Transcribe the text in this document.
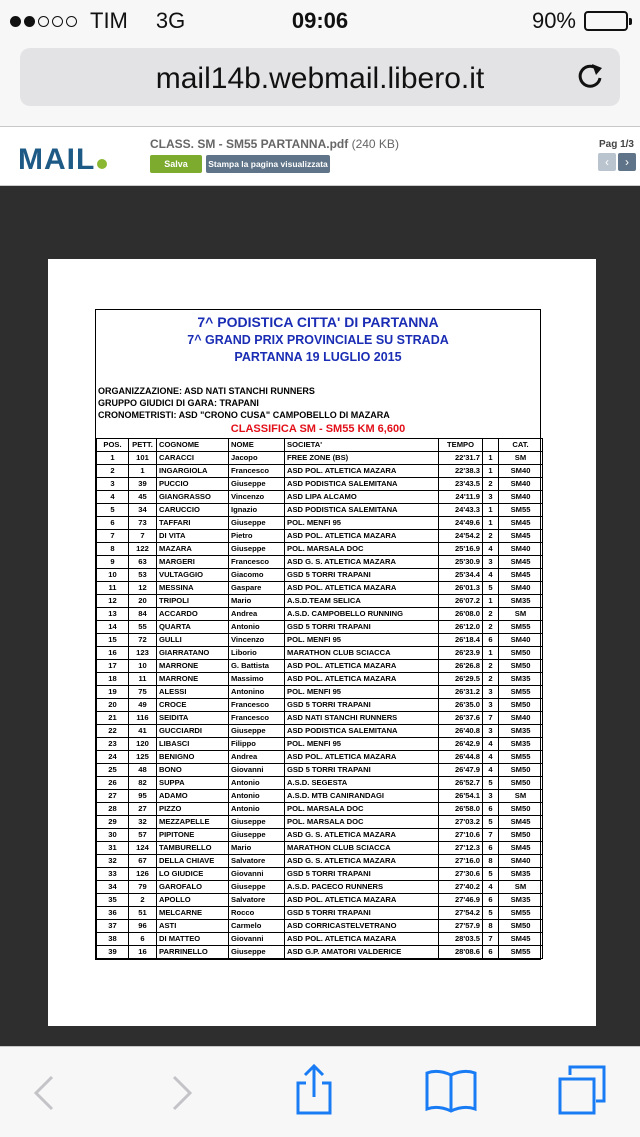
TIM 3G	09:06	90%
mail14b.webmail.libero.it
MAIL	CLASS. SM - SM55 PARTANNA.pdf (240 KB)
Salva	Stampa la pagina visualizzata
Pag 1/3
‹	›
7^ PODISTICA CITTA' DI PARTANNA
7^ GRAND PRIX PROVINCIALE SU STRADA
PARTANNA 19 LUGLIO 2015
ORGANIZZAZIONE: ASD NATI STANCHI RUNNERS
GRUPPO GIUDICI DI GARA: TRAPANI
CRONOMETRISTI: ASD "CRONO CUSA" CAMPOBELLO DI MAZARA
CLASSIFICA SM - SM55 KM 6,600
POS.	PETT.	COGNOME	NOME	SOCIETA'	TEMPO		CAT.
1	101	CARACCI	Jacopo	FREE ZONE (BS)	22'31.7	1	SM
2	1	INGARGIOLA	Francesco	ASD POL. ATLETICA MAZARA	22'38.3	1	SM40
3	39	PUCCIO	Giuseppe	ASD PODISTICA SALEMITANA	23'43.5	2	SM40
4	45	GIANGRASSO	Vincenzo	ASD LIPA ALCAMO	24'11.9	3	SM40
5	34	CARUCCIO	Ignazio	ASD PODISTICA SALEMITANA	24'43.3	1	SM55
6	73	TAFFARI	Giuseppe	POL. MENFI 95	24'49.6	1	SM45
7	7	DI VITA	Pietro	ASD POL. ATLETICA MAZARA	24'54.2	2	SM45
8	122	MAZARA	Giuseppe	POL. MARSALA DOC	25'16.9	4	SM40
9	63	MARGERI	Francesco	ASD G. S. ATLETICA MAZARA	25'30.9	3	SM45
10	53	VULTAGGIO	Giacomo	GSD 5 TORRI TRAPANI	25'34.4	4	SM45
11	12	MESSINA	Gaspare	ASD POL. ATLETICA MAZARA	26'01.3	5	SM40
12	20	TRIPOLI	Mario	A.S.D.TEAM SELICA	26'07.2	1	SM35
13	84	ACCARDO	Andrea	A.S.D. CAMPOBELLO RUNNING	26'08.0	2	SM
14	55	QUARTA	Antonio	GSD 5 TORRI TRAPANI	26'12.0	2	SM55
15	72	GULLI	Vincenzo	POL. MENFI 95	26'18.4	6	SM40
16	123	GIARRATANO	Liborio	MARATHON CLUB SCIACCA	26'23.9	1	SM50
17	10	MARRONE	G. Battista	ASD POL. ATLETICA MAZARA	26'26.8	2	SM50
18	11	MARRONE	Massimo	ASD POL. ATLETICA MAZARA	26'29.5	2	SM35
19	75	ALESSI	Antonino	POL. MENFI 95	26'31.2	3	SM55
20	49	CROCE	Francesco	GSD 5 TORRI TRAPANI	26'35.0	3	SM50
21	116	SEIDITA	Francesco	ASD NATI STANCHI RUNNERS	26'37.6	7	SM40
22	41	GUCCIARDI	Giuseppe	ASD PODISTICA SALEMITANA	26'40.8	3	SM35
23	120	LIBASCI	Filippo	POL. MENFI 95	26'42.9	4	SM35
24	125	BENIGNO	Andrea	ASD POL. ATLETICA MAZARA	26'44.8	4	SM55
25	48	BONO	Giovanni	GSD 5 TORRI TRAPANI	26'47.9	4	SM50
26	82	SUPPA	Antonio	A.S.D. SEGESTA	26'52.7	5	SM50
27	95	ADAMO	Antonio	A.S.D. MTB CANIRANDAGI	26'54.1	3	SM
28	27	PIZZO	Antonio	POL. MARSALA DOC	26'58.0	6	SM50
29	32	MEZZAPELLE	Giuseppe	POL. MARSALA DOC	27'03.2	5	SM45
30	57	PIPITONE	Giuseppe	ASD G. S. ATLETICA MAZARA	27'10.6	7	SM50
31	124	TAMBURELLO	Mario	MARATHON CLUB SCIACCA	27'12.3	6	SM45
32	67	DELLA CHIAVE	Salvatore	ASD G. S. ATLETICA MAZARA	27'16.0	8	SM40
33	126	LO GIUDICE	Giovanni	GSD 5 TORRI TRAPANI	27'30.6	5	SM35
34	79	GAROFALO	Giuseppe	A.S.D. PACECO RUNNERS	27'40.2	4	SM
35	2	APOLLO	Salvatore	ASD POL. ATLETICA MAZARA	27'46.9	6	SM35
36	51	MELCARNE	Rocco	GSD 5 TORRI TRAPANI	27'54.2	5	SM55
37	96	ASTI	Carmelo	ASD CORRICASTELVETRANO	27'57.9	8	SM50
38	6	DI MATTEO	Giovanni	ASD POL. ATLETICA MAZARA	28'03.5	7	SM45
39	16	PARRINELLO	Giuseppe	ASD G.P. AMATORI VALDERICE	28'08.6	6	SM55
